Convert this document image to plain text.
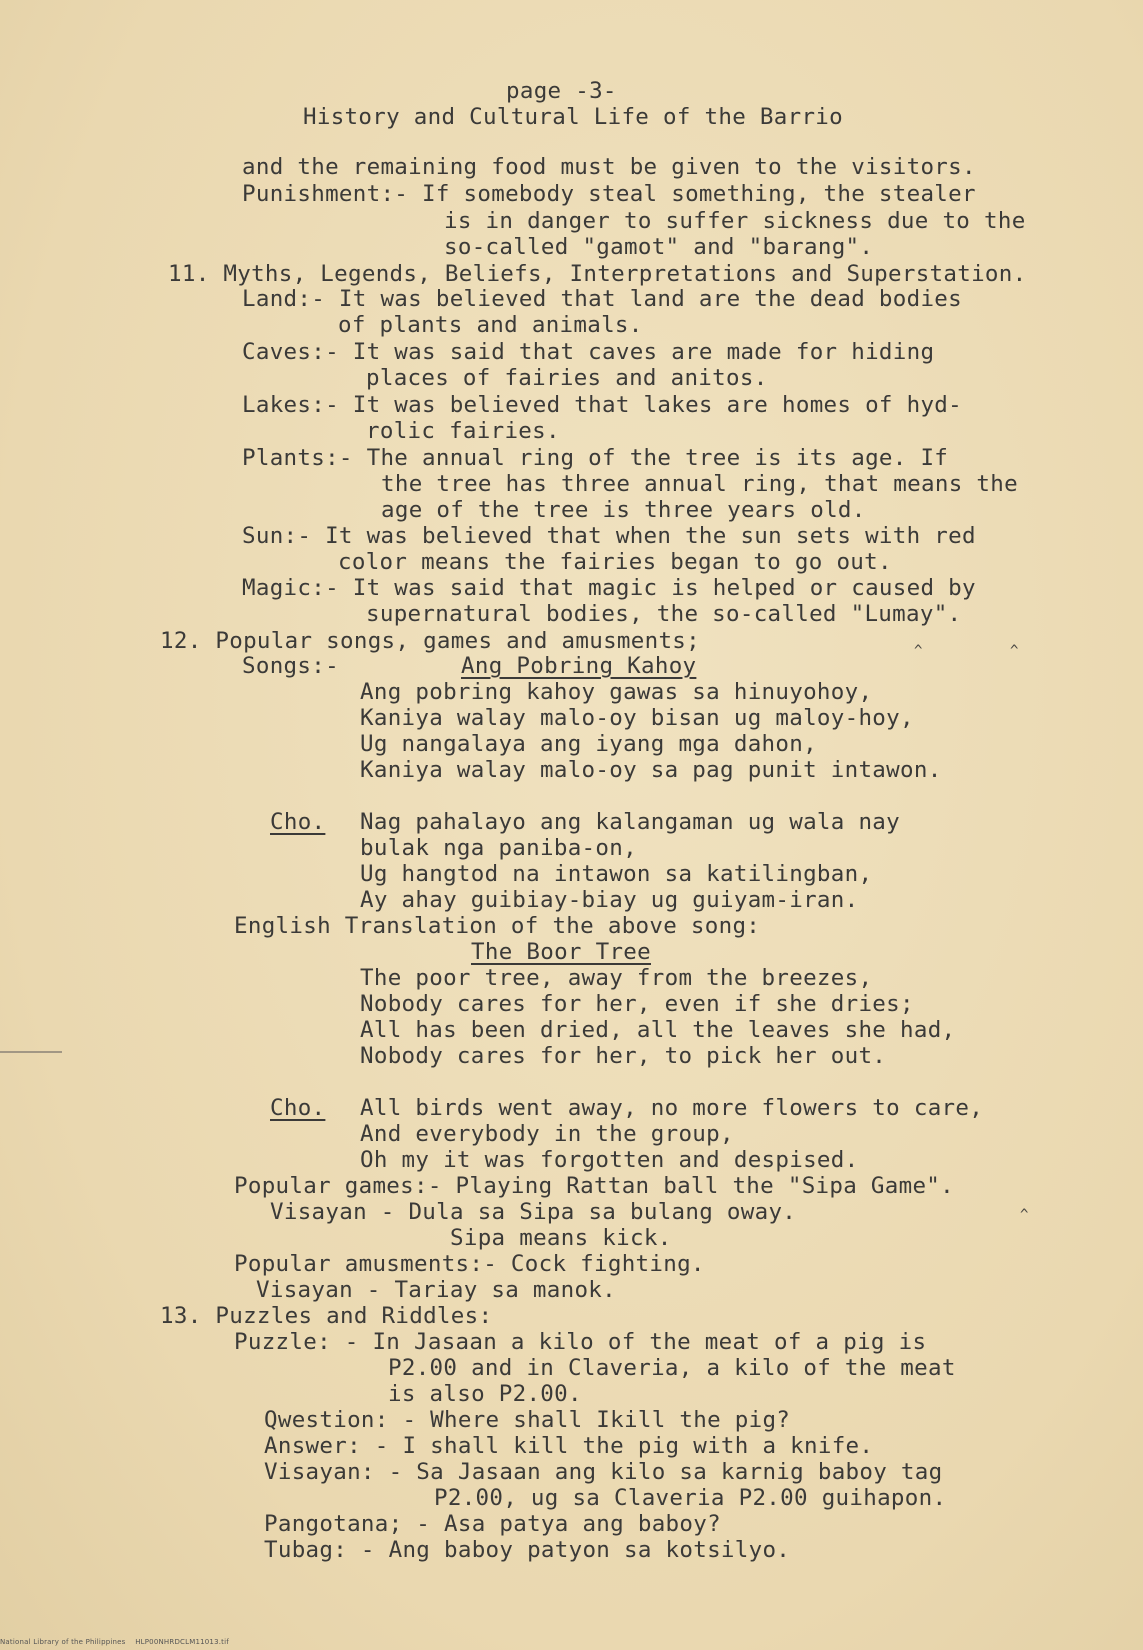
page -3-
History and Cultural Life of the Barrio
and the remaining food must be given to the visitors.
Punishment:- If somebody steal something, the stealer
is in danger to suffer sickness due to the
so-called "gamot" and "barang".
11. Myths, Legends, Beliefs, Interpretations and Superstation.
Land:- It was believed that land are the dead bodies
of plants and animals.
Caves:- It was said that caves are made for hiding
places of fairies and anitos.
Lakes:- It was believed that lakes are homes of hyd-
rolic fairies.
Plants:- The annual ring of the tree is its age. If
the tree has three annual ring, that means the
age of the tree is three years old.
Sun:- It was believed that when the sun sets with red
color means the fairies began to go out.
Magic:- It was said that magic is helped or caused by
supernatural bodies, the so-called "Lumay".
12. Popular songs, games and amusments;
Songs:-	Ang Pobring Kahoy
Ang pobring kahoy gawas sa hinuyohoy,
Kaniya walay malo-oy bisan ug maloy-hoy,
Ug nangalaya ang iyang mga dahon,
Kaniya walay malo-oy sa pag punit intawon.
Cho. Nag pahalayo ang kalangaman ug wala nay
bulak nga paniba-on,
Ug hangtod na intawon sa katilingban,
Ay ahay guibiay-biay ug guiyam-iran.
English Translation of the above song:
The Boor Tree
The poor tree, away from the breezes,
Nobody cares for her, even if she dries;
All has been dried, all the leaves she had,
Nobody cares for her, to pick her out.
Cho. All birds went away, no more flowers to care,
And everybody in the group,
Oh my it was forgotten and despised.
Popular games:- Playing Rattan ball the "Sipa Game".
Visayan - Dula sa Sipa sa bulang oway.
Sipa means kick.
Popular amusments:- Cock fighting.
Visayan - Tariay sa manok.
13. Puzzles and Riddles:
Puzzle: - In Jasaan a kilo of the meat of a pig is
P2.00 and in Claveria, a kilo of the meat
is also P2.00.
Qwestion: - Where shall Ikill the pig?
Answer: - I shall kill the pig with a knife.
Visayan: - Sa Jasaan ang kilo sa karnig baboy tag
P2.00, ug sa Claveria P2.00 guihapon.
Pangotana; - Asa patya ang baboy?
Tubag: - Ang baboy patyon sa kotsilyo.
^	^
^
National Library of the Philippines    HLP00NHRDCLM11013.tif
